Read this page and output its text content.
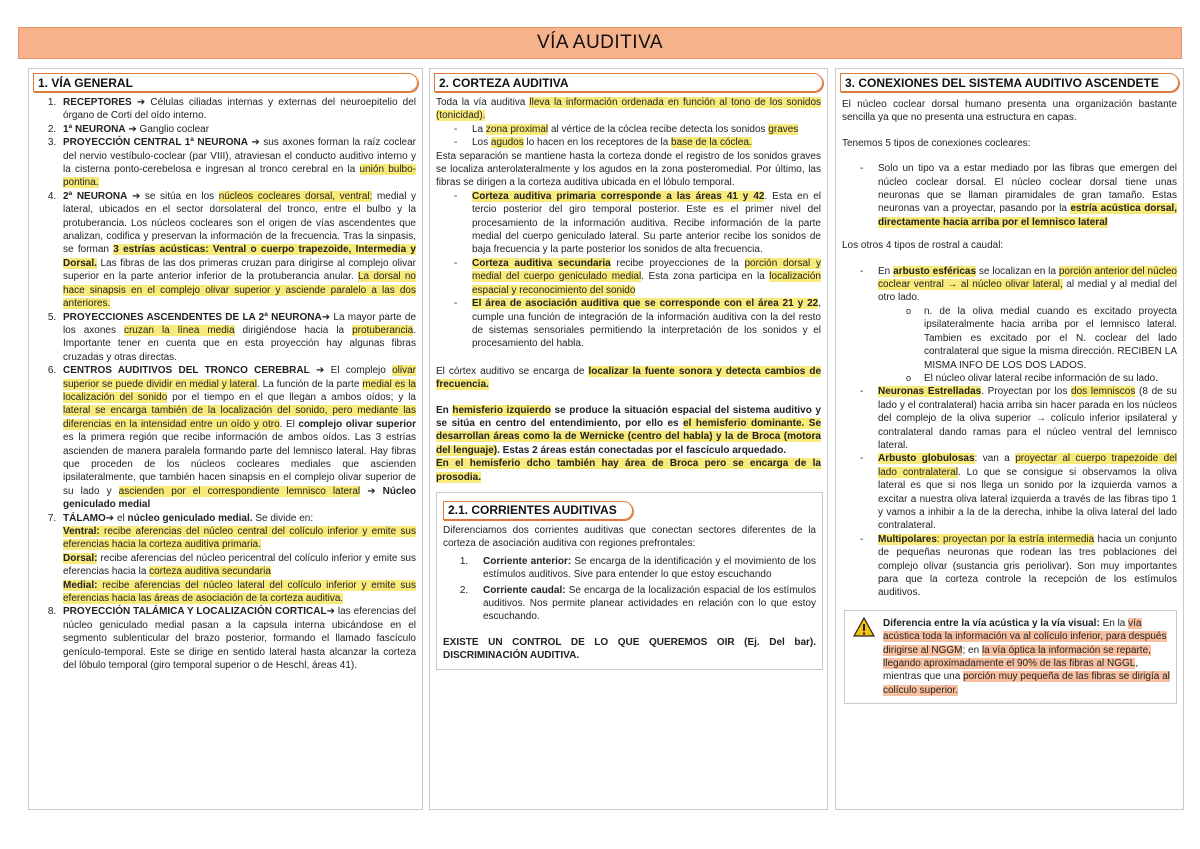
VÍA AUDITIVA
1. VÍA GENERAL
1. RECEPTORES ➔ Células ciliadas internas y externas del neuroepitelio del órgano de Corti del oído interno.
2. 1ª NEURONA ➔ Ganglio coclear
3. PROYECCIÓN CENTRAL 1ª NEURONA ➔ sus axones forman la raíz coclear del nervio vestíbulo-coclear (par VIII), atraviesan el conducto auditivo interno y la cisterna ponto-cerebelosa e ingresan al tronco cerebral en la unión bulbo-pontina.
4. 2ª NEURONA ➔ se sitúa en los núcleos cocleares dorsal, ventral: medial y lateral, ubicados en el sector dorsolateral del tronco, entre el bulbo y la protuberancia. Los núcleos cocleares son el origen de vías ascendentes que analizan, codifica y preservan la información de la frecuencia. Tras la sinpasis, se forman 3 estrías acústicas: Ventral o cuerpo trapezoide, Intermedia y Dorsal. Las fibras de las dos primeras cruzan para dirigirse al complejo olivar superior en la parte anterior inferior de la protuberancia anular. La dorsal no hace sinapsis en el complejo olivar superior y asciende paralelo a las dos anteriores.
5. PROYECCIONES ASCENDENTES DE LA 2ª NEURONA➔ La mayor parte de los axones cruzan la línea media dirigiéndose hacia la protuberancia. Importante tener en cuenta que en esta proyección hay algunas fibras cruzadas y otras directas.
6. CENTROS AUDITIVOS DEL TRONCO CEREBRAL ➔ El complejo olivar superior se puede dividir en medial y lateral. La función de la parte medial es la localización del sonido por el tiempo en el que llegan a ambos oídos; y la lateral se encarga también de la localización del sonido, pero mediante las diferencias en la intensidad entre un oído y otro. El complejo olivar superior es la primera región que recibe información de ambos oídos. Las 3 estrías ascienden de manera paralela formando parte del lemnisco lateral. Hay fibras que proceden de los núcleos cocleares mediales que ascienden ipsilateralmente, que también hacen sinapsis en el complejo olivar superior de su lado y ascienden por el correspondiente lemnisco lateral ➔ Núcleo geniculado medial
7. TÁLAMO➔ el núcleo geniculado medial. Se divide en:
Ventral: recibe aferencias del núcleo central del colículo inferior y emite sus eferencias hacia la corteza auditiva primaria.
Dorsal: recibe aferencias del núcleo pericentral del colículo inferior y emite sus eferencias hacia la corteza auditiva secundaria
Medial: recibe aferencias del núcleo lateral del colículo inferior y emite sus eferencias hacia las áreas de asociación de la corteza auditiva.
8. PROYECCIÓN TALÁMICA Y LOCALIZACIÓN CORTICAL➔ las eferencias del núcleo geniculado medial pasan a la capsula interna ubicándose en el segmento sublenticular del brazo posterior, formando el llamado fascículo genículo-temporal. Este se dirige en sentido lateral hasta alcanzar la corteza del lóbulo temporal (giro temporal superior o de Heschl, áreas 41).
2. CORTEZA AUDITIVA
Toda la vía auditiva lleva la información ordenada en función al tono de los sonidos (tonicidad).
- La zona proximal al vértice de la cóclea recibe detecta los sonidos graves
- Los agudos lo hacen en los receptores de la base de la cóclea.
Esta separación se mantiene hasta la corteza donde el registro de los sonidos graves se localiza anterolateralmente y los agudos en la zona posteromedial. Por último, las fibras se dirigen a la corteza auditiva ubicada en el lóbulo temporal.
- Corteza auditiva primaria corresponde a las áreas 41 y 42. Esta en el tercio posterior del giro temporal posterior. Este es el primer nivel del procesamiento de la información auditiva. Recibe información de la parte medial del cuerpo geniculado lateral. Su parte anterior recibe los sonidos de baja frecuencia y la parte posterior los sonidos de alta frecuencia.
- Corteza auditiva secundaria recibe proyecciones de la porción dorsal y medial del cuerpo geniculado medial. Esta zona participa en la localización espacial y reconocimiento del sonido
- El área de asociación auditiva que se corresponde con el área 21 y 22, cumple una función de integración de la información auditiva con la del resto de sistemas sensoriales permitiendo la interpretación de los sonidos y el procesamiento del habla.

El córtex auditivo se encarga de localizar la fuente sonora y detecta cambios de frecuencia.

En hemisferio izquierdo se produce la situación espacial del sistema auditivo y se sitúa en centro del entendimiento, por ello es el hemisferio dominante. Se desarrollan áreas como la de Wernicke (centro del habla) y la de Broca (motora del lenguaje). Estas 2 áreas están conectadas por el fascículo arquedado.
En el hemisferio dcho también hay área de Broca pero se encarga de la prosodia.
2.1. CORRIENTES AUDITIVAS
Diferenciamos dos corrientes auditivas que conectan sectores diferentes de la corteza de asociación auditiva con regiones prefrontales:
1. Corriente anterior: Se encarga de la identificación y el movimiento de los estímulos auditivos. Sive para entender lo que estoy escuchando
2. Corriente caudal: Se encarga de la localización espacial de los estímulos auditivos. Nos permite planear actividades en relación con lo que estoy escuchando.
EXISTE UN CONTROL DE LO QUE QUEREMOS OIR (Ej. Del bar). DISCRIMINACIÓN AUDITIVA.
3. CONEXIONES DEL SISTEMA AUDITIVO ASCENDETE

El núcleo coclear dorsal humano presenta una organización bastante sencilla ya que no presenta una estructura en capas.

Tenemos 5 tipos de conexiones cocleares:

- Solo un tipo va a estar mediado por las fibras que emergen del núcleo coclear dorsal. El núcleo coclear dorsal tiene unas neuronas que se llaman piramidales de gran tamaño. Estas neuronas van a proyectar, pasando por la estría acústica dorsal, directamente hacia arriba por el lemnisco lateral

Los otros 4 tipos de rostral a caudal:

- En arbusto esféricas se localizan en la porción anterior del núcleo coclear ventral → al núcleo olivar lateral, al medial y al medial del otro lado.
o n. de la oliva medial cuando es excitado proyecta ipsilateralmente hacia arriba por el lemnisco lateral. Tambien es excitado por el N. coclear del lado contralateral que sigue la misma dirección. RECIBEN LA MISMA INFO DE LOS DOS LADOS.
o El núcleo olivar lateral recibe información de su lado.
- Neuronas Estrelladas. Proyectan por los dos lemniscos (8 de su lado y el contralateral) hacia arriba sin hacer parada en los núcleos del complejo de la oliva superior → colículo inferior ipsilateral y contralateral dando ramas para el núcleo ventral del lemnisco lateral.
- Arbusto globulosas: van a proyectar al cuerpo trapezoide del lado contralateral. Lo que se consigue si observamos la oliva lateral es que si nos llega un sonido por la izquierda vamos a excitar a nuestra oliva lateral izquierda a través de las fibras tipo 1 y vamos a inhibir a la de la derecha, inhibe la oliva lateral del lado contralateral.
- Multipolares: proyectan por la estría intermedia hacia un conjunto de pequeñas neuronas que rodean las tres poblaciones del complejo olivar (sustancia gris periolivar). Son muy importantes para que la corteza controle la recepción de los estímulos auditivos.
Diferencia entre la vía acústica y la vía visual: En la vía acústica toda la información va al colículo inferior, para después dirigirse al NGGM; en la vía óptica la información se reparte, llegando aproximadamente el 90% de las fibras al NGGL, mientras que una porción muy pequeña de las fibras se dirigía al colículo superior.
